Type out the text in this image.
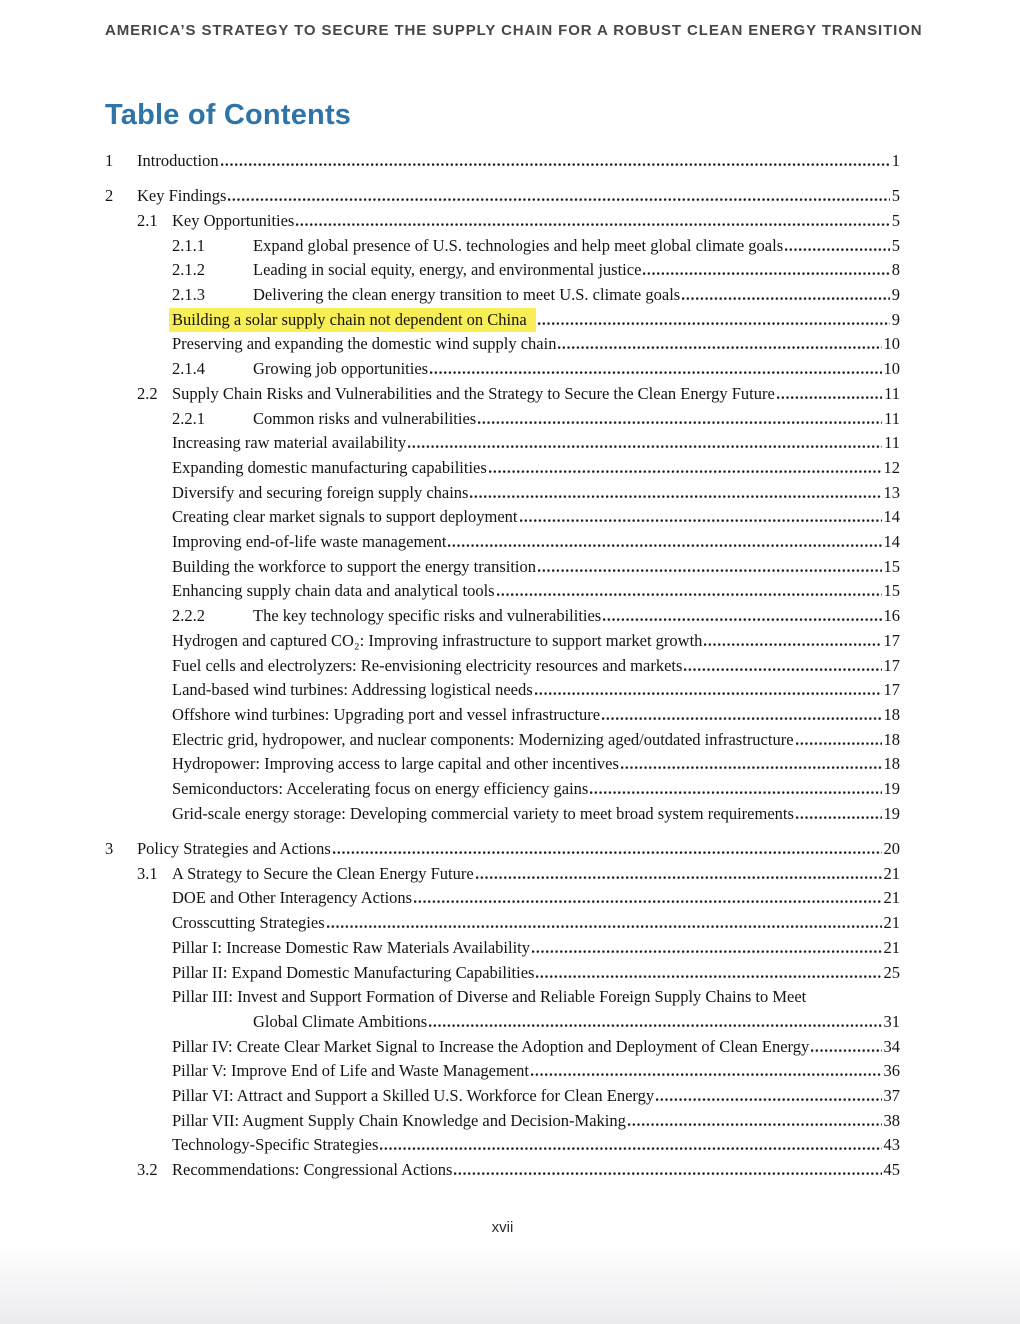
AMERICA’S STRATEGY TO SECURE THE SUPPLY CHAIN FOR A ROBUST CLEAN ENERGY TRANSITION
Table of Contents
1	Introduction	1
2	Key Findings	5
2.1 Key Opportunities	5
2.1.1	Expand global presence of U.S. technologies and help meet global climate goals	5
2.1.2	Leading in social equity, energy, and environmental justice	8
2.1.3	Delivering the clean energy transition to meet U.S. climate goals	9
Building a solar supply chain not dependent on China	9
Preserving and expanding the domestic wind supply chain	10
2.1.4	Growing job opportunities	10
2.2 Supply Chain Risks and Vulnerabilities and the Strategy to Secure the Clean Energy Future	11
2.2.1	Common risks and vulnerabilities	11
Increasing raw material availability	11
Expanding domestic manufacturing capabilities	12
Diversify and securing foreign supply chains	13
Creating clear market signals to support deployment	14
Improving end-of-life waste management	14
Building the workforce to support the energy transition	15
Enhancing supply chain data and analytical tools	15
2.2.2	The key technology specific risks and vulnerabilities	16
Hydrogen and captured CO₂: Improving infrastructure to support market growth	17
Fuel cells and electrolyzers: Re-envisioning electricity resources and markets	17
Land-based wind turbines: Addressing logistical needs	17
Offshore wind turbines: Upgrading port and vessel infrastructure	18
Electric grid, hydropower, and nuclear components: Modernizing aged/outdated infrastructure	18
Hydropower: Improving access to large capital and other incentives	18
Semiconductors: Accelerating focus on energy efficiency gains	19
Grid-scale energy storage: Developing commercial variety to meet broad system requirements	19
3	Policy Strategies and Actions	20
3.1 A Strategy to Secure the Clean Energy Future	21
DOE and Other Interagency Actions	21
Crosscutting Strategies	21
Pillar I: Increase Domestic Raw Materials Availability	21
Pillar II: Expand Domestic Manufacturing Capabilities	25
Pillar III: Invest and Support Formation of Diverse and Reliable Foreign Supply Chains to Meet
Global Climate Ambitions	31
Pillar IV: Create Clear Market Signal to Increase the Adoption and Deployment of Clean Energy	34
Pillar V: Improve End of Life and Waste Management	36
Pillar VI: Attract and Support a Skilled U.S. Workforce for Clean Energy	37
Pillar VII: Augment Supply Chain Knowledge and Decision-Making	38
Technology-Specific Strategies	43
3.2 Recommendations: Congressional Actions	45
xvii
